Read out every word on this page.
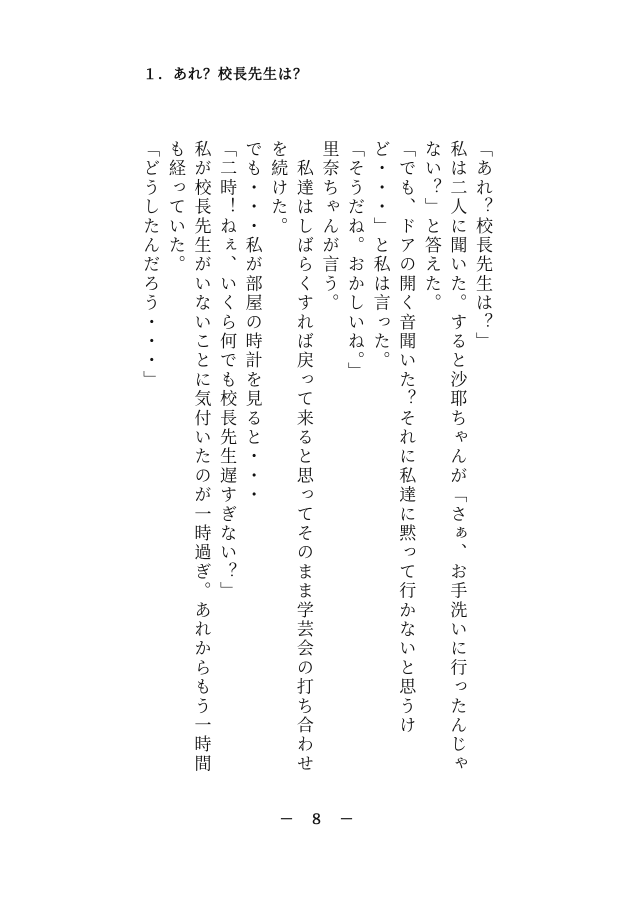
１．あれ？校長先生は？

「あれ？校長先生は？」

私は二人に聞いた。すると沙耶ちゃんが「さぁ、お手洗いに行ったんじゃない？」と答えた。

「でも、ドアの開く音聞いた？それに私達に黙って行かないと思うけど・・・」と私は言った。

「そうだね。おかしいね。」

里奈ちゃんが言う。

　私達はしばらくすれば戻って来ると思ってそのまま学芸会の打ち合わせを続けた。

でも・・・私が部屋の時計を見ると・・・

「二時！ねぇ、いくら何でも校長先生遅すぎない？」

私が校長先生がいないことに気付いたのが一時過ぎ。あれからもう一時間も経っていた。

「どうしたんだろう・・・」

－　８　－
